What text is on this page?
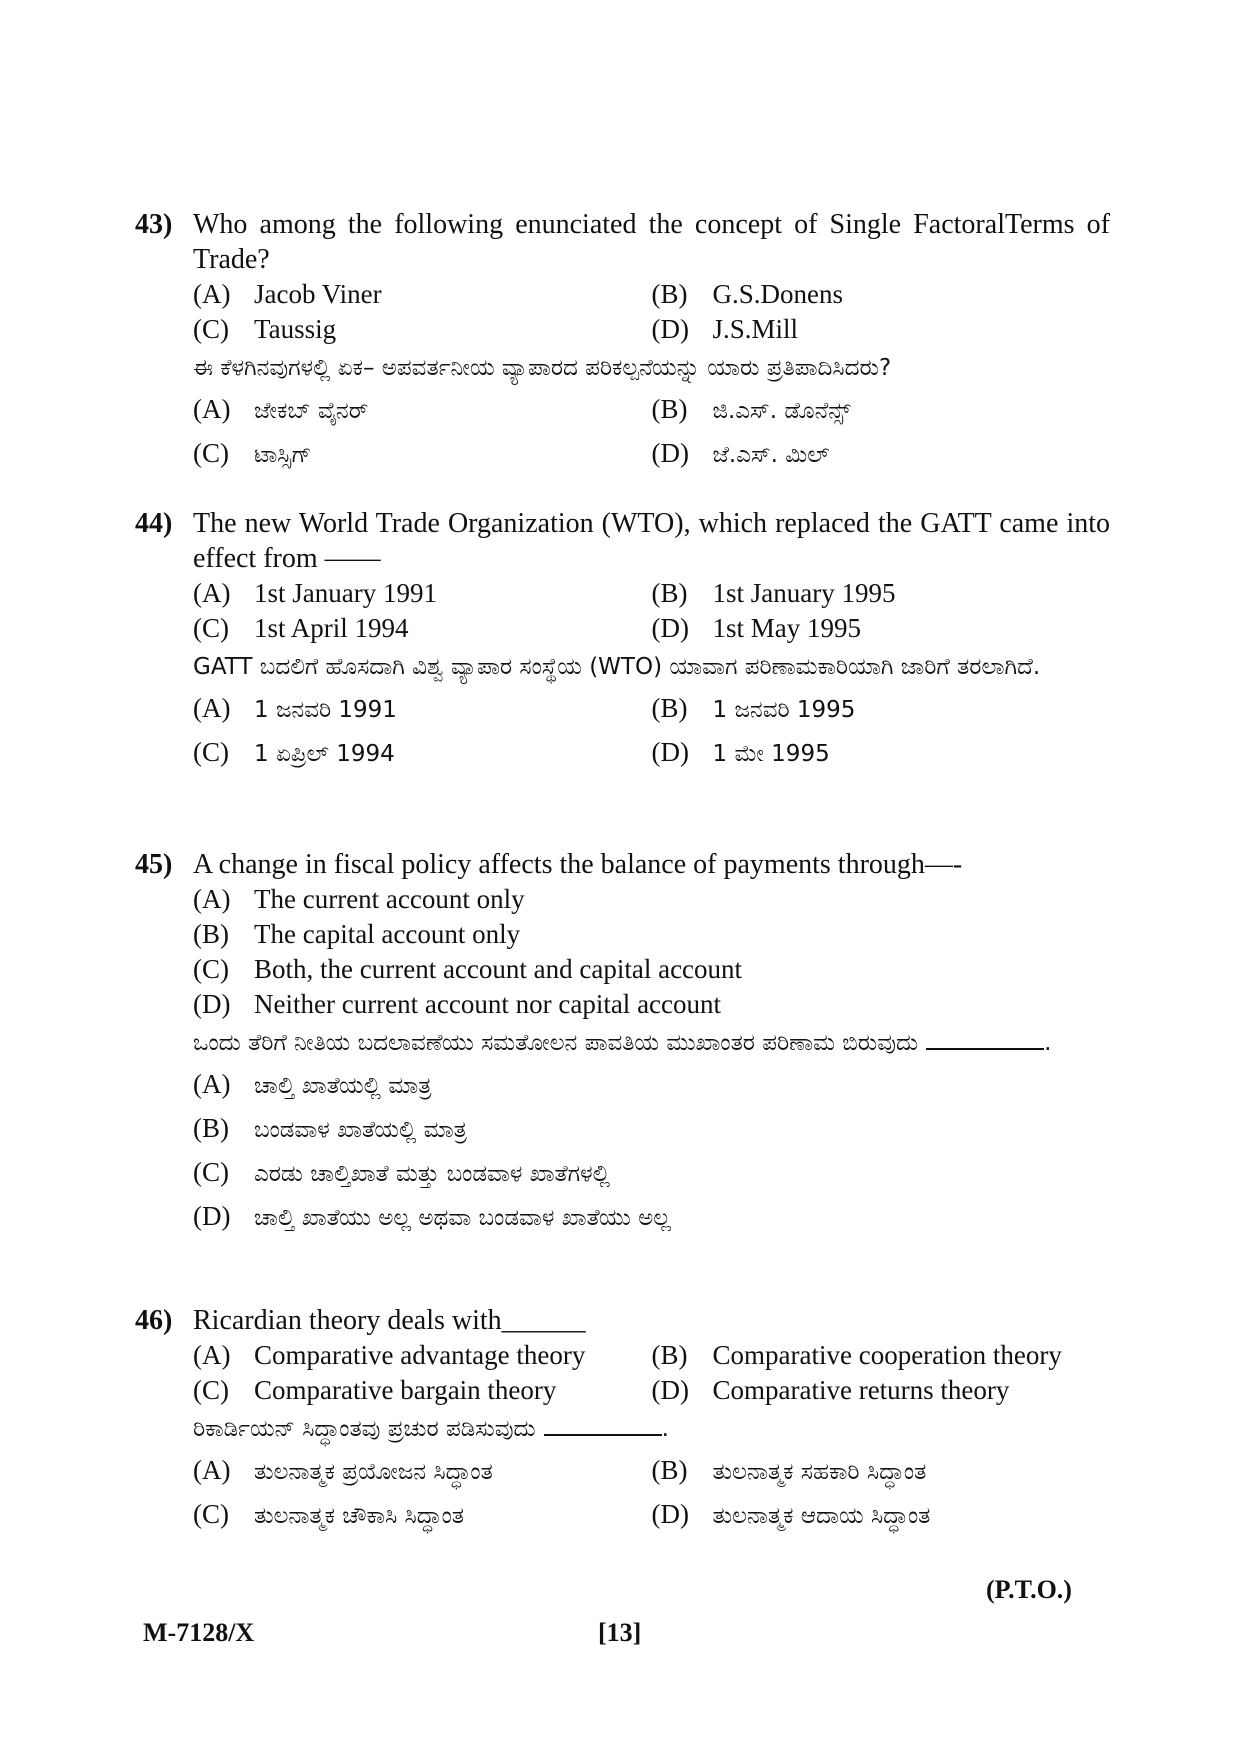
43) Who among the following enunciated the concept of Single FactoralTerms of Trade?
(A) Jacob Viner	(B) G.S.Donens
(C) Taussig	(D) J.S.Mill
ಈ ಕೆಳಗಿನವುಗಳಲ್ಲಿ ಏಕ– ಅಪವರ್ತನೀಯ ವ್ಯಾಪಾರದ ಪರಿಕಲ್ಪನೆಯನ್ನು ಯಾರು ಪ್ರತಿಪಾದಿಸಿದರು?
(A) ಜೇಕಬ್ ವೈನರ್	(B) ಜಿ.ಎಸ್. ಡೊನೆನ್ಸ್
(C) ಟಾಸ್ಸಿಗ್	(D) ಜೆ.ಎಸ್. ಮಿಲ್
44) The new World Trade Organization (WTO), which replaced the GATT came into effect from ——
(A) 1st January 1991	(B) 1st January 1995
(C) 1st April 1994	(D) 1st May 1995
GATT ಬದಲಿಗೆ ಹೊಸದಾಗಿ ವಿಶ್ವ ವ್ಯಾಪಾರ ಸಂಸ್ಥೆಯ (WTO) ಯಾವಾಗ ಪರಿಣಾಮಕಾರಿಯಾಗಿ ಜಾರಿಗೆ ತರಲಾಗಿದೆ.
(A) 1 ಜನವರಿ 1991	(B) 1 ಜನವರಿ 1995
(C) 1 ಏಪ್ರಿಲ್ 1994	(D) 1 ಮೇ 1995
45) A change in fiscal policy affects the balance of payments through—-
(A) The current account only
(B) The capital account only
(C) Both, the current account and capital account
(D) Neither current account nor capital account
ಒಂದು ತೆರಿಗೆ ನೀತಿಯ ಬದಲಾವಣೆಯು ಸಮತೋಲನ ಪಾವತಿಯ ಮುಖಾಂತರ ಪರಿಣಾಮ ಬಿರುವುದು	.
(A) ಚಾಲ್ತಿ ಖಾತೆಯಲ್ಲಿ ಮಾತ್ರ
(B) ಬಂಡವಾಳ ಖಾತೆಯಲ್ಲಿ ಮಾತ್ರ
(C) ಎರಡು ಚಾಲ್ತಿಖಾತೆ ಮತ್ತು ಬಂಡವಾಳ ಖಾತೆಗಳಲ್ಲಿ
(D) ಚಾಲ್ತಿ ಖಾತೆಯು ಅಲ್ಲ ಅಥವಾ ಬಂಡವಾಳ ಖಾತೆಯು ಅಲ್ಲ
46) Ricardian theory deals with______
(A) Comparative advantage theory	(B) Comparative cooperation theory
(C) Comparative bargain theory	(D) Comparative returns theory
ರಿಕಾರ್ಡಿಯನ್ ಸಿದ್ಧಾಂತವು ಪ್ರಚುರ ಪಡಿಸುವುದು	.
(A) ತುಲನಾತ್ಮಕ ಪ್ರಯೋಜನ ಸಿದ್ಧಾಂತ	(B) ತುಲನಾತ್ಮಕ ಸಹಕಾರಿ ಸಿದ್ಧಾಂತ
(C) ತುಲನಾತ್ಮಕ ಚೌಕಾಸಿ ಸಿದ್ಧಾಂತ	(D) ತುಲನಾತ್ಮಕ ಆದಾಯ ಸಿದ್ಧಾಂತ
(P.T.O.)
M-7128/X	[13]
